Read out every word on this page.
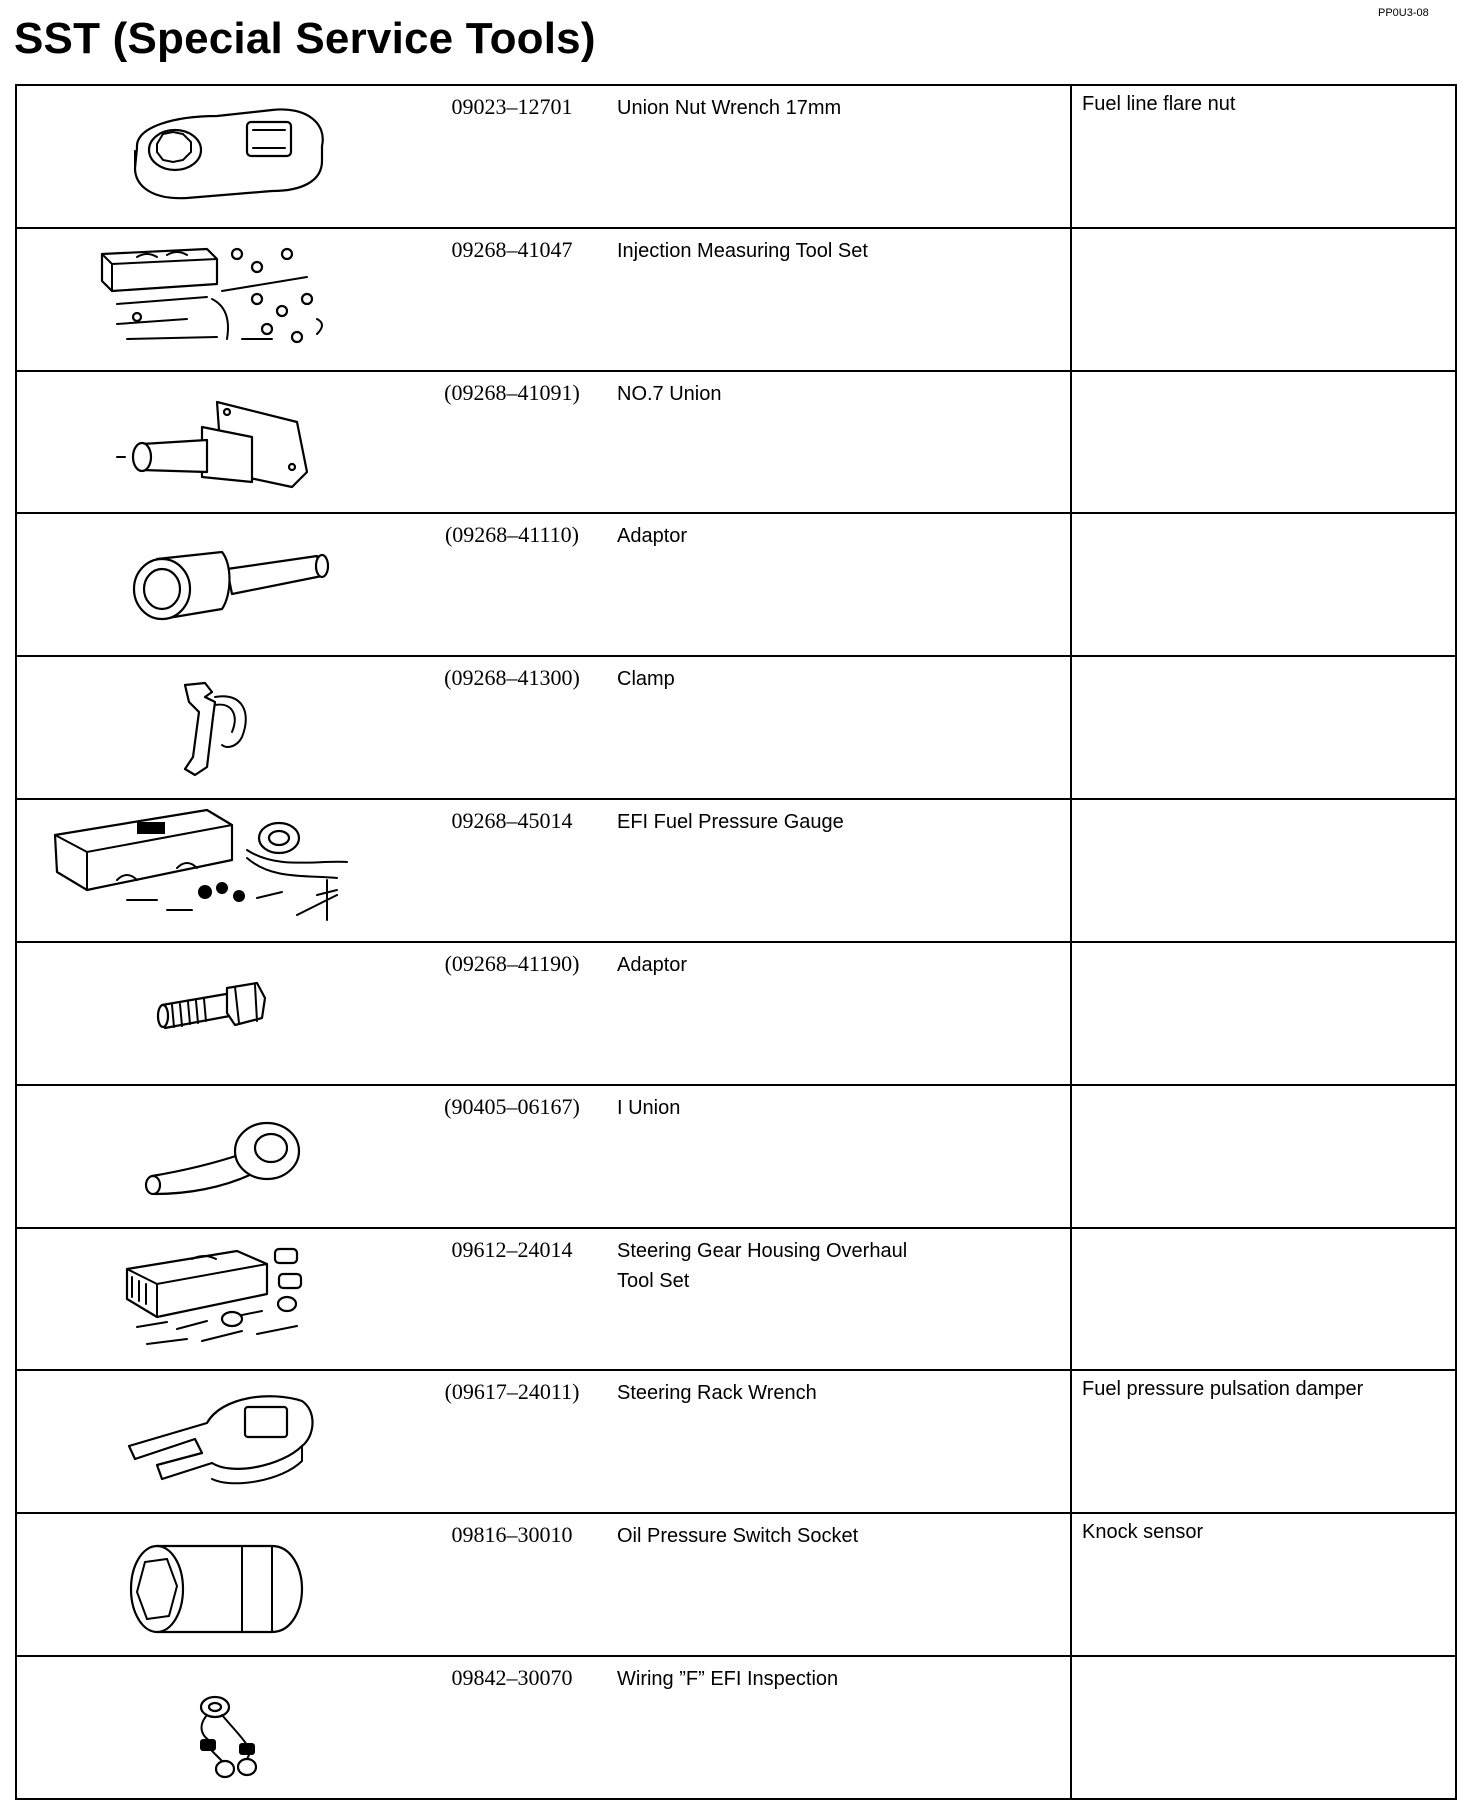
PP0U3-08
SST (Special Service Tools)
09023–12701 Union Nut Wrench 17mm	Fuel line flare nut

09268–41047 Injection Measuring Tool Set	

(09268–41091) NO.7 Union	

(09268–41110) Adaptor	

(09268–41300) Clamp	

09268–45014 EFI Fuel Pressure Gauge	

(09268–41190) Adaptor	

(90405–06167) I Union	

09612–24014 Steering Gear Housing Overhaul
Tool Set	

(09617–24011) Steering Rack Wrench	Fuel pressure pulsation damper

09816–30010 Oil Pressure Switch Socket	Knock sensor

09842–30070 Wiring ”F” EFI Inspection	
